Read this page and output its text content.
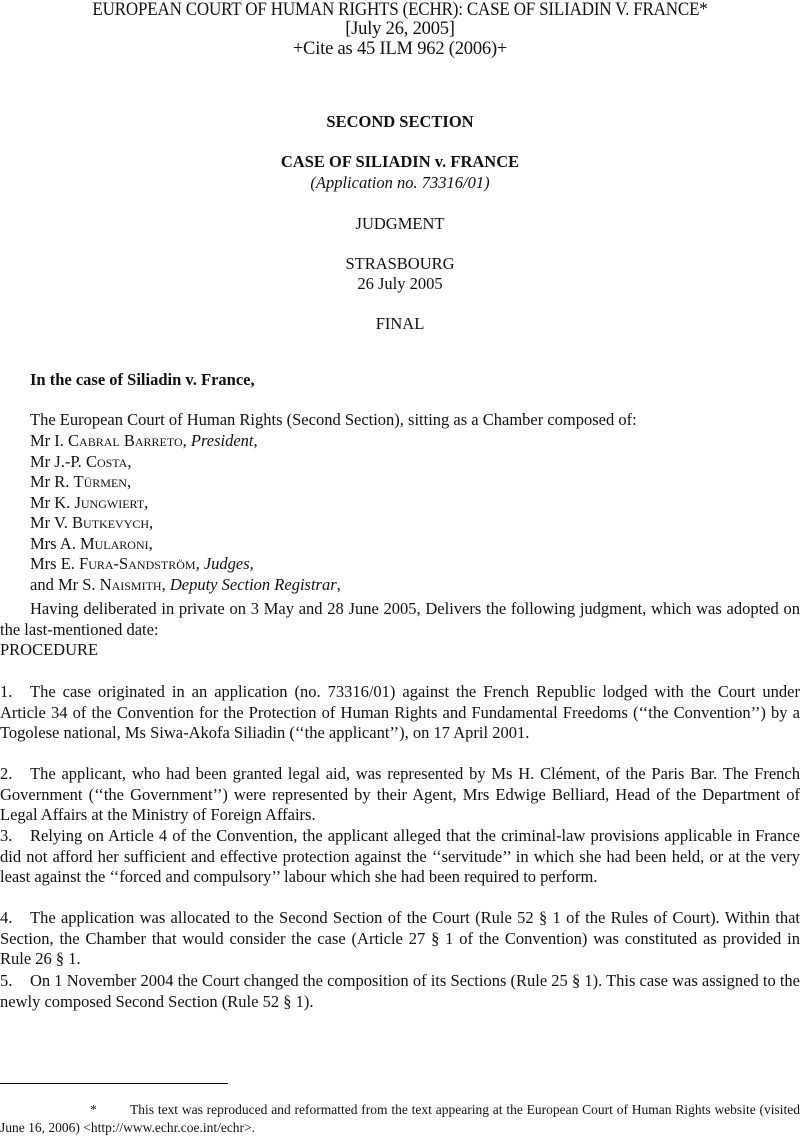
EUROPEAN COURT OF HUMAN RIGHTS (ECHR): CASE OF SILIADIN V. FRANCE*
[July 26, 2005]
+Cite as 45 ILM 962 (2006)+
SECOND SECTION
CASE OF SILIADIN v. FRANCE
(Application no. 73316/01)
JUDGMENT
STRASBOURG
26 July 2005
FINAL
In the case of Siliadin v. France,
The European Court of Human Rights (Second Section), sitting as a Chamber composed of:
Mr I. Cabral Barreto, President,
Mr J.-P. Costa,
Mr R. Türmen,
Mr K. Jungwiert,
Mr V. Butkevych,
Mrs A. Mularoni,
Mrs E. Fura-Sandström, Judges,
and Mr S. Naismith, Deputy Section Registrar,
Having deliberated in private on 3 May and 28 June 2005, Delivers the following judgment, which was adopted on the last-mentioned date:
PROCEDURE
1. The case originated in an application (no. 73316/01) against the French Republic lodged with the Court under Article 34 of the Convention for the Protection of Human Rights and Fundamental Freedoms (‘‘the Convention’’) by a Togolese national, Ms Siwa-Akofa Siliadin (‘‘the applicant’’), on 17 April 2001.
2. The applicant, who had been granted legal aid, was represented by Ms H. Clément, of the Paris Bar. The French Government (‘‘the Government’’) were represented by their Agent, Mrs Edwige Belliard, Head of the Department of Legal Affairs at the Ministry of Foreign Affairs.
3. Relying on Article 4 of the Convention, the applicant alleged that the criminal-law provisions applicable in France did not afford her sufficient and effective protection against the ‘‘servitude’’ in which she had been held, or at the very least against the ‘‘forced and compulsory’’ labour which she had been required to perform.
4. The application was allocated to the Second Section of the Court (Rule 52 § 1 of the Rules of Court). Within that Section, the Chamber that would consider the case (Article 27 § 1 of the Convention) was constituted as provided in Rule 26 § 1.
5. On 1 November 2004 the Court changed the composition of its Sections (Rule 25 § 1). This case was assigned to the newly composed Second Section (Rule 52 § 1).
* This text was reproduced and reformatted from the text appearing at the European Court of Human Rights website (visited June 16, 2006) <http://www.echr.coe.int/echr>.
